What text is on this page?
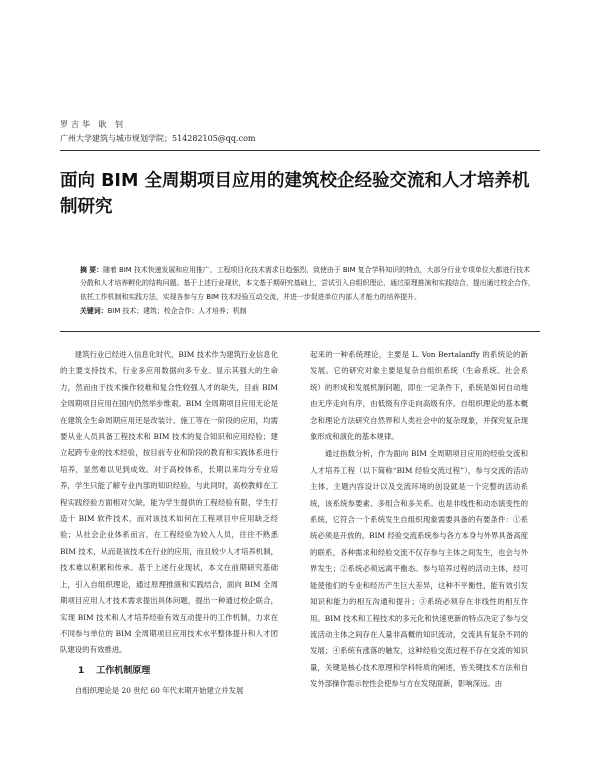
罗吉华 耿 钊
广州大学建筑与城市规划学院；514282105@qq.com
面向 BIM 全周期项目应用的建筑校企经验交流和人才培养机制研究
摘 要：随着 BIM 技术快速发展和应用推广，工程项目化技术需求日趋强烈，致使由于 BIM 复合学科知识的特点，大部分行业专项单位大都进行技术分散和人才培养孵化的结构问题。基于上述行业现状，本文基于期研究基础上，尝试引入自组织理论，通过原理推演和实践结合，提出通过校企合作，依托工作机制和实践方法，实现各参与方 BIM 技术经验互动交流，并进一步促进单位内部人才能力的培养提升。
关键词：BIM 技术；建筑；校企合作；人才培养；机制

建筑行业已经进入信息化时代，BIM 技术作为建筑行业信息化的主要支持技术，行业多应用数据向多专业、显示其强大的生命力，然而由于技术操作较难和复合性较强人才的缺失，目前 BIM 全周期项目应用在国内仍然举步维艰。BIM 全周期项目应用无论是在建筑全生命周期应用还是改装计、施工等在一阶段的应用，均需要从业人员具备工程技术和 BIM 技术的复合知识和应用经验；建立起跨专业的技术经验，按目前专业和阶段的教育和实践体系进行培养，显然难以见到成效。对于高校体系，长期以来均分专业培养，学生只能了解专业内部的知识经验，与此同时，高校教师在工程实践经验方面相对欠缺，能为学生提供的工程经验有限，学生打造十 BIM 软件技术，而对该技术如何在工程项目中应用缺乏经验；从社会企业体系而言，在工程经验为较入人员，往往不熟悉 BIM 技术，从而是该技术在行业的应用，而且较少人才培养机制，技术难以积累和传承。基于上述行业现状，本文在前期研究基础上，引入自组织理论，通过原理推演和实践结合，面向 BIM 全周期项目应用人才技术需求提出具体问题，提出一种通过校企联合，实现 BIM 技术和人才培养经验有效互动提升的工作机制，力求在不同参与单位的 BIM 全周期项目应用技术水平整体提升和人才团队建设的有效推进。

1 工作机制原理

自组织理论是 20 世纪 60 年代末期开始建立并发展

起来的一种系统理论，主要是 L. Von Bertalanffy 的系统论的新发展。它的研究对象主要是复杂自组织系统（生命系统、社会系统）的形成和发展机制问题，即在一定条件下，系统是如何自动地由无序走向有序，由低级有序走向高级有序。自组织理论的基本概念和理论方法研究自然界和人类社会中的复杂现象，并探究复杂现象形成和演化的基本规律。

通过指数分析，作为面向 BIM 全周期项目应用的经验交流和人才培养工程（以下简称“BIM 经验交流过程”），参与交流的活动主体、主题内容设计以及交流环境的创设就是一个完整的活动系统，该系统参要素、多组合和多关系。也是非线性和动态演变性的系统，它符合一个系统发生自组织现象需要具备的有要条件：①系统必须是开放的。BIM 经验交流系统参与各方本身与外界具备高度的联系，各种需求和经验交流不仅存参与主体之间发生，也会与外界发生；②系统必须远离平衡态。参与培养过程的活动主体，经可能使他们的专业和经历产生巨大差异，这种不平衡性，能有效引发知识和能力的相互沟通和提升；③系统必须存在非线性的相互作用。BIM 技术和工程技术的多元化和快速更新的特点决定了参与交流活动主体之间存在人量非高概的知识流动，交流具有复杂不同的发展；④系统有涨落的触发，这种经验交流过程不存在交流的知识量，关键是核心技术原理和学科特质的阐述，皆关键技术方法和自发外部操作需示控性会使参与方在发现面新，影响深远。由
